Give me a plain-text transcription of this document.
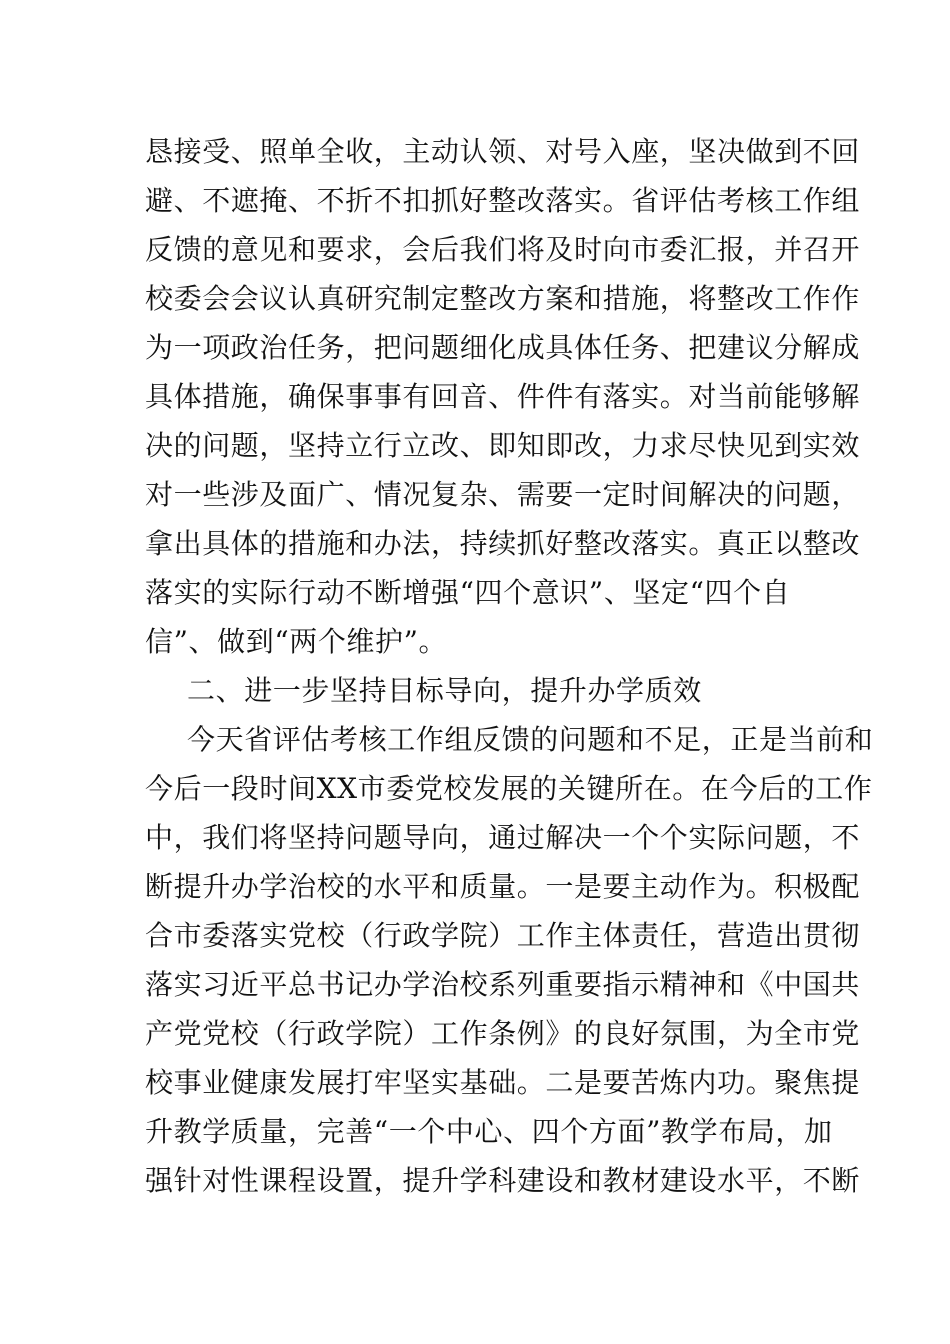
恳接受、照单全收，主动认领、对号入座，坚决做到不回
避、不遮掩、不折不扣抓好整改落实。省评估考核工作组
反馈的意见和要求，会后我们将及时向市委汇报，并召开
校委会会议认真研究制定整改方案和措施，将整改工作作
为一项政治任务，把问题细化成具体任务、把建议分解成
具体措施，确保事事有回音、件件有落实。对当前能够解
决的问题，坚持立行立改、即知即改，力求尽快见到实效
对一些涉及面广、情况复杂、需要一定时间解决的问题，
拿出具体的措施和办法，持续抓好整改落实。真正以整改
落实的实际行动不断增强“四个意识”、坚定“四个自
信”、做到“两个维护”。
二、进一步坚持目标导向，提升办学质效
今天省评估考核工作组反馈的问题和不足，正是当前和
今后一段时间XX市委党校发展的关键所在。在今后的工作
中，我们将坚持问题导向，通过解决一个个实际问题，不
断提升办学治校的水平和质量。一是要主动作为。积极配
合市委落实党校（行政学院）工作主体责任，营造出贯彻
落实习近平总书记办学治校系列重要指示精神和《中国共
产党党校（行政学院）工作条例》的良好氛围，为全市党
校事业健康发展打牢坚实基础。二是要苦炼内功。聚焦提
升教学质量，完善“一个中心、四个方面”教学布局，加
强针对性课程设置，提升学科建设和教材建设水平，不断
